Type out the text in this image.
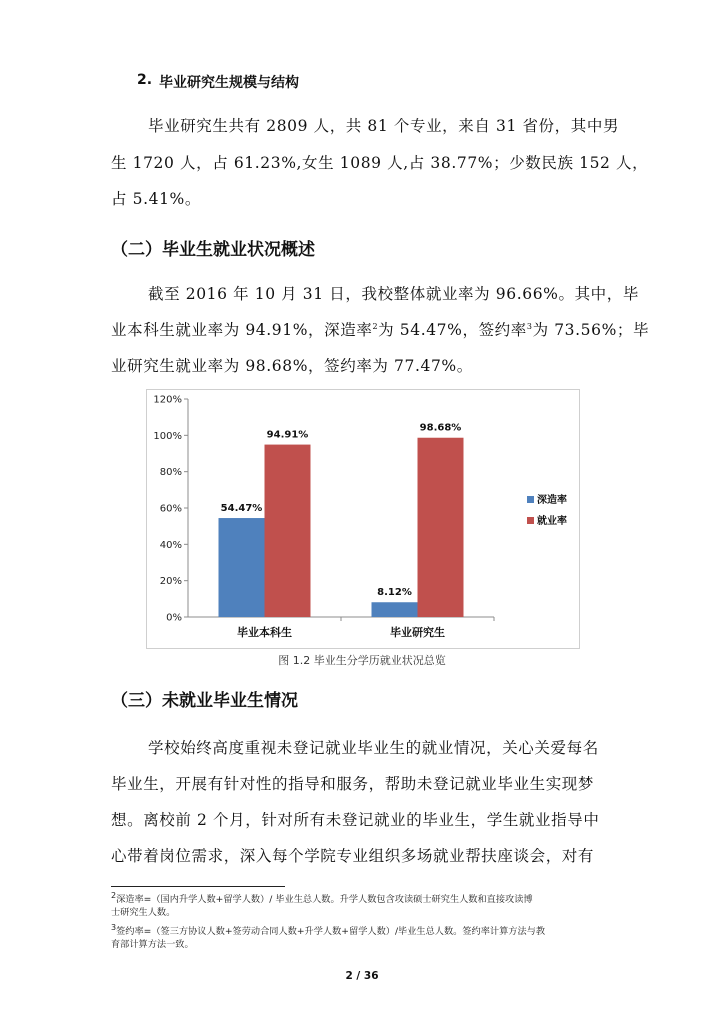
2. 毕业研究生规模与结构

毕业研究生共有 2809 人，共 81 个专业，来自 31 省份，其中男

生 1720 人，占 61.23%,女生 1089 人,占 38.77%；少数民族 152 人，

占 5.41%。

（二）毕业生就业状况概述

截至 2016 年 10 月 31 日，我校整体就业率为 96.66%。其中，毕

业本科生就业率为 94.91%，深造率$^2$为 54.47%，签约率$^3$为 73.56%；毕

业研究生就业率为 98.68%，签约率为 77.47%。

0%
20%
40%
60%
80%
100%
120%
54.47%
94.91%
毕业本科生
8.12%
98.68%
毕业研究生
深造率
就业率
图 1.2 毕业生分学历就业状况总览
（三）未就业毕业生情况

学校始终高度重视未登记就业毕业生的就业情况，关心关爱每名

毕业生，开展有针对性的指导和服务，帮助未登记就业毕业生实现梦

想。离校前 2 个月，针对所有未登记就业的毕业生，学生就业指导中

心带着岗位需求，深入每个学院专业组织多场就业帮扶座谈会，对有

$^2$深造率=（国内升学人数+留学人数）/ 毕业生总人数。升学人数包含攻读硕士研究生人数和直接攻读博
士研究生人数。
$^3$签约率=（签三方协议人数+签劳动合同人数+升学人数+留学人数）/毕业生总人数。签约率计算方法与教
育部计算方法一致。
2 / 36
